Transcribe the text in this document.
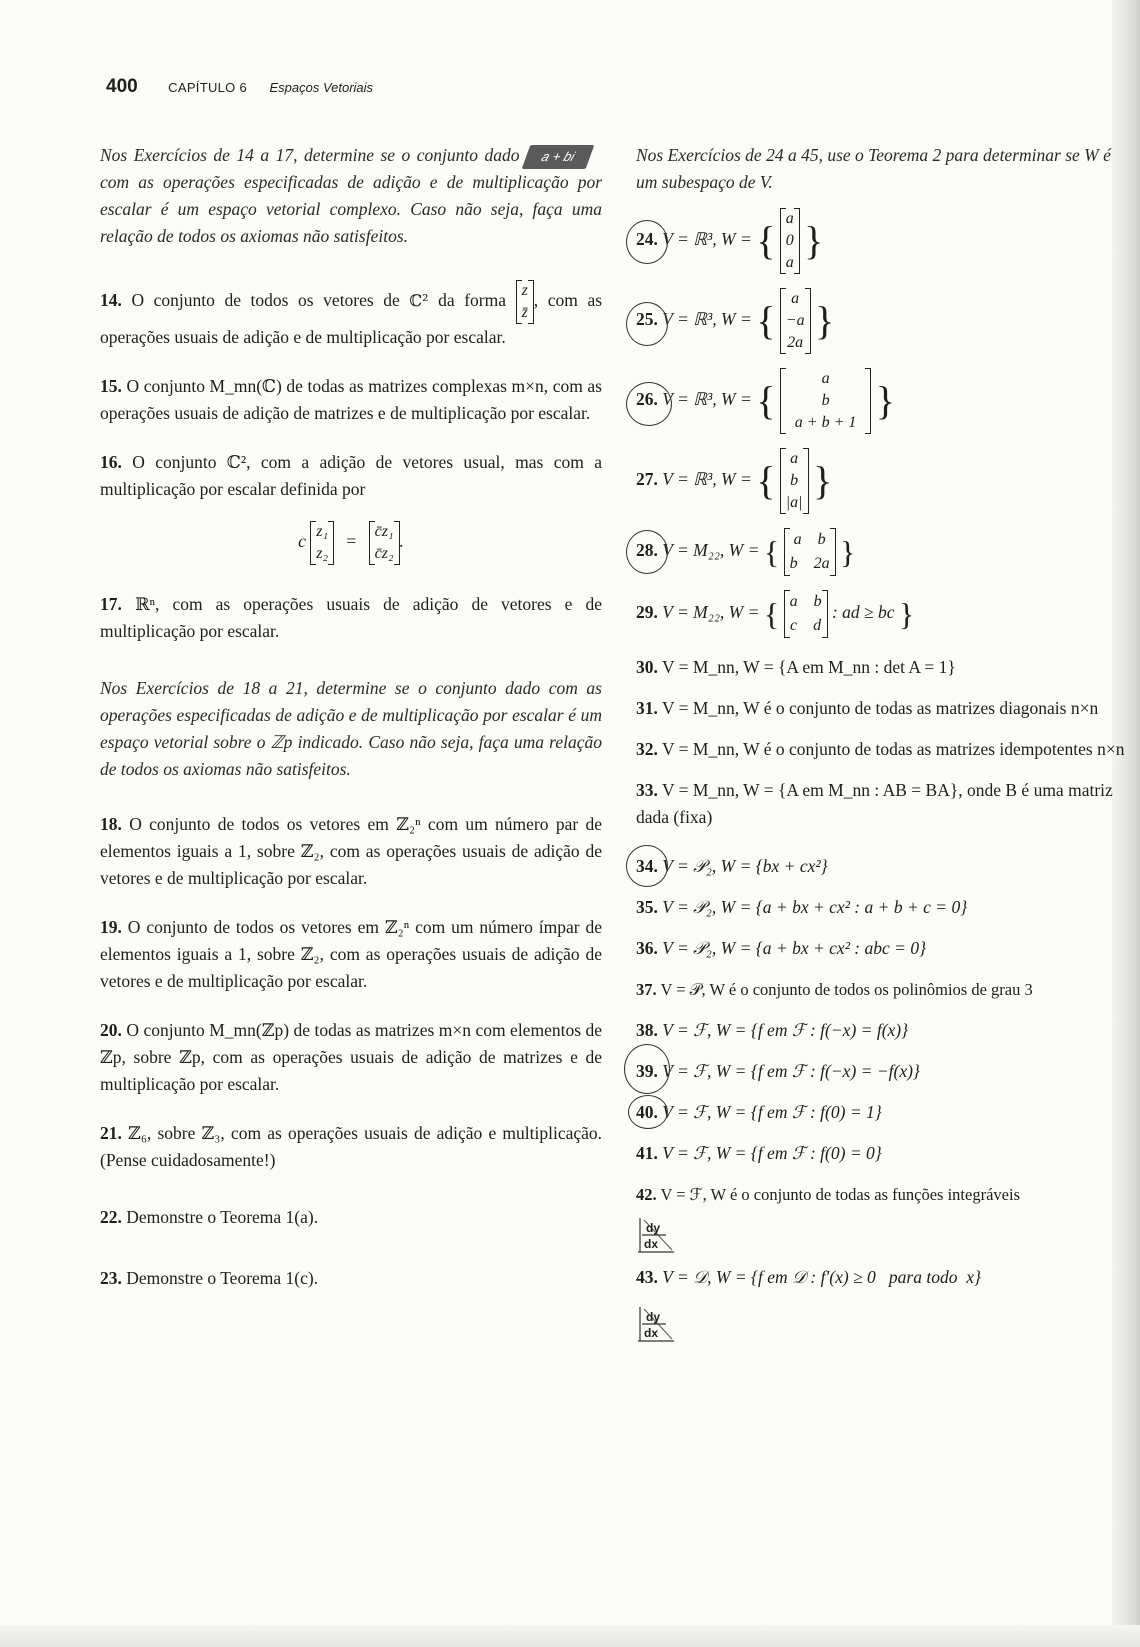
400 CAPÍTULO 6 Espaços Vetoriais
Nos Exercícios de 14 a 17, determine se o conjunto dado a + bi com as operações especificadas de adição e de multiplicação por escalar é um espaço vetorial complexo. Caso não seja, faça uma relação de todos os axiomas não satisfeitos.
14. O conjunto de todos os vetores de ℂ² da forma z
z̄
, com as operações usuais de adição e de multiplicação por escalar.
15. O conjunto M_mn(ℂ) de todas as matrizes complexas m×n, com as operações usuais de adição de matrizes e de multiplicação por escalar.
16. O conjunto ℂ², com a adição de vetores usual, mas com a multiplicação por escalar definida por
c z₁
z₂
= c̄z₁
c̄z₂
.
17. ℝⁿ, com as operações usuais de adição de vetores e de multiplicação por escalar.
Nos Exercícios de 18 a 21, determine se o conjunto dado com as operações especificadas de adição e de multiplicação por escalar é um espaço vetorial sobre o ℤp indicado. Caso não seja, faça uma relação de todos os axiomas não satisfeitos.
18. O conjunto de todos os vetores em ℤ₂ⁿ com um número par de elementos iguais a 1, sobre ℤ₂, com as operações usuais de adição de vetores e de multiplicação por escalar.
19. O conjunto de todos os vetores em ℤ₂ⁿ com um número ímpar de elementos iguais a 1, sobre ℤ₂, com as operações usuais de adição de vetores e de multiplicação por escalar.
20. O conjunto M_mn(ℤp) de todas as matrizes m×n com elementos de ℤp, sobre ℤp, com as operações usuais de adição de matrizes e de multiplicação por escalar.
21. ℤ₆, sobre ℤ₃, com as operações usuais de adição e multiplicação. (Pense cuidadosamente!)
22. Demonstre o Teorema 1(a).
23. Demonstre o Teorema 1(c).
Nos Exercícios de 24 a 45, use o Teorema 2 para determinar se W é um subespaço de V.
24. V = ℝ³, W = { a
0
a }
25. V = ℝ³, W = { a
−a
2a }
26. V = ℝ³, W = {	a
b
a + b + 1 }
27. V = ℝ³, W = { a
b
|a| }
28. V = M₂₂, W = { a    b
b    2a }
29. V = M₂₂, W = { a    b
c    d
: ad ≥ bc }
30. V = M_nn, W = {A em M_nn : det A = 1}
31. V = M_nn, W é o conjunto de todas as matrizes diagonais n×n
32. V = M_nn, W é o conjunto de todas as matrizes idempotentes n×n
33. V = M_nn, W = {A em M_nn : AB = BA}, onde B é uma matriz dada (fixa)
34. V = 𝒫₂, W = {bx + cx²}
35. V = 𝒫₂, W = {a + bx + cx² : a + b + c = 0}
36. V = 𝒫₂, W = {a + bx + cx² : abc = 0}
37. V = 𝒫, W é o conjunto de todos os polinômios de grau 3
38. V = ℱ, W = {f em ℱ : f(−x) = f(x)}
39. V = ℱ, W = {f em ℱ : f(−x) = −f(x)}
40. V = ℱ, W = {f em ℱ : f(0) = 1}
41. V = ℱ, W = {f em ℱ : f(0) = 0}
42. V = ℱ, W é o conjunto de todas as funções integráveis
dy
dx
43. V = 𝒟, W = {f em 𝒟 : f′(x) ≥ 0   para todo  x}
dy
dx
